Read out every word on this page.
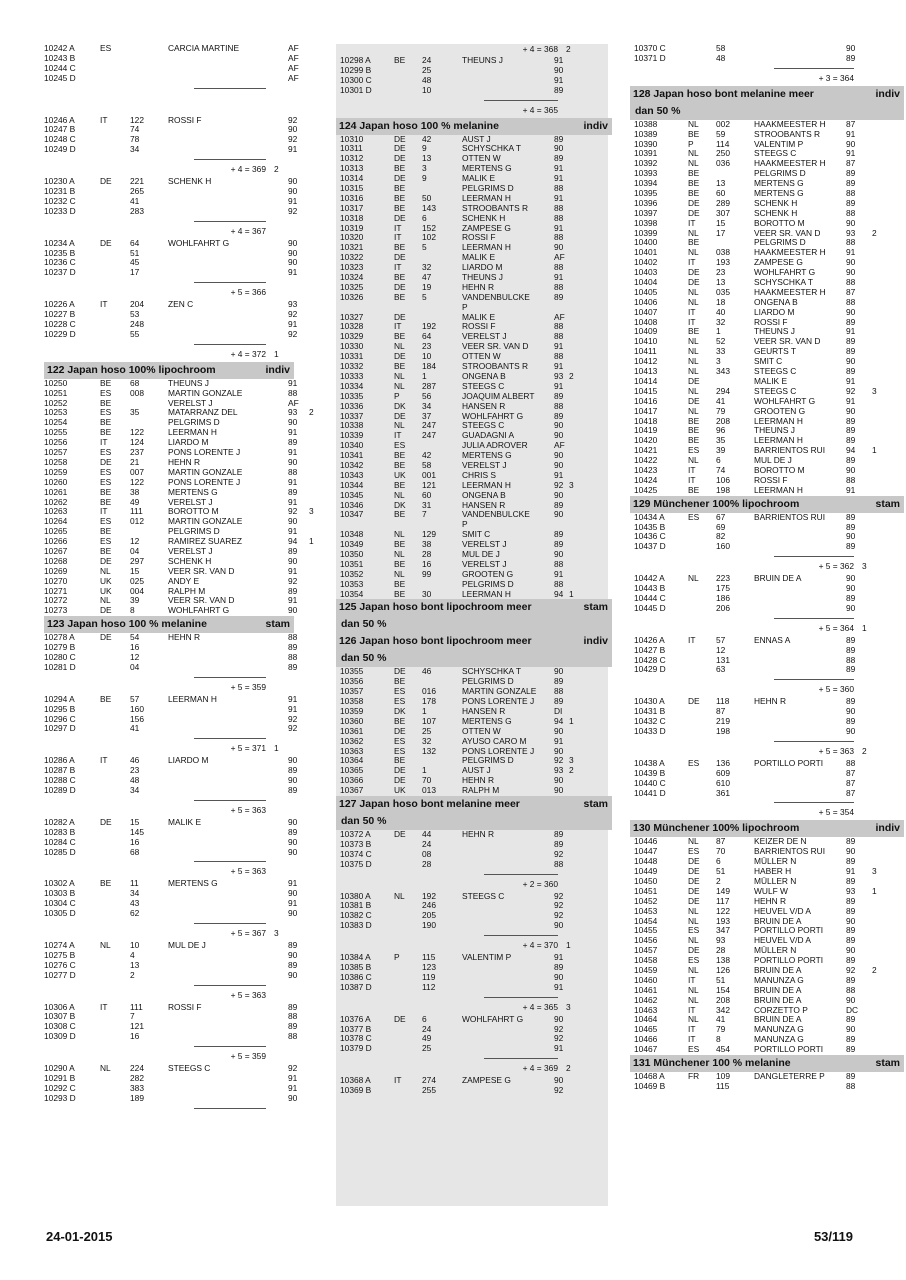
10242 A	ES	CARCIA MARTINE	AF
10243 B	AF
10244 C	AF
10245 D	AF
10246 A	IT	122	ROSSI F	92
10247 B	74	90
10248 C	78	92
10249 D	34	91
+ 4 = 369 2
10230 A	DE 221	SCHENK H	90
10231 B	265	90
10232 C	41	91
10233 D	283	92
+ 4 = 367
10234 A	DE 64	WOHLFAHRT G	90
10235 B	51	90
10236 C	45	90
10237 D	17	91
+ 5 = 366
10226 A	IT	204	ZEN C	93
10227 B	53	92
10228 C	248	91
10229 D	55	92
+ 4 = 372 1
122 Japan hoso 100% lipochroom	indiv
10250	BE 68	THEUNS J	91
10251	ES 008	MARTIN GONZALE	88
10252	BE	VERELST J	AF
10253	ES 35	MATARRANZ DEL	93 2
10254	BE	PELGRIMS D	90
10255	BE 122	LEERMAN H	91
10256	IT	124	LIARDO M	89
10257	ES 237	PONS LORENTE J	91
10258	DE 21	HEHN R	90
10259	ES 007	MARTIN GONZALE	88
10260	ES 122	PONS LORENTE J	91
10261	BE 38	MERTENS G	89
10262	BE 49	VERELST J	91
10263	IT	111	BOROTTO M	92 3
10264	ES 012	MARTIN GONZALE	90
10265	BE	PELGRIMS D	91
10266	ES 12	RAMIREZ SUAREZ	94 1
10267	BE 04	VERELST J	89
10268	DE 297	SCHENK H	90
10269	NL 15	VEER SR. VAN D	91
10270	UK 025	ANDY E	92
10271	UK 004	RALPH M	89
10272	NL 39	VEER SR. VAN D	91
10273	DE 8	WOHLFAHRT G	90
123 Japan hoso 100 % melanine	stam
10278 A	DE 54	HEHN R	88
10279 B	16	89
10280 C	12	88
10281 D	04	89
+ 5 = 359
10294 A	BE 57	LEERMAN H	91
10295 B	160	91
10296 C	156	92
10297 D	41	92
+ 5 = 371 1
10286 A	IT	46	LIARDO M	90
10287 B	23	89
10288 C	48	90
10289 D	34	89
+ 5 = 363
10282 A	DE 15	MALIK E	90
10283 B	145	89
10284 C	16	90
10285 D	68	90
+ 5 = 363
10302 A	BE 11	MERTENS G	91
10303 B	34	90
10304 C	43	91
10305 D	62	90
+ 5 = 367 3
10274 A	NL 10	MUL DE J	89
10275 B	4	90
10276 C	13	89
10277 D	2	90
+ 5 = 363
10306 A	IT	111	ROSSI F	89
10307 B	7	88
10308 C	121	89
10309 D	16	88
+ 5 = 359
10290 A	NL 224	STEEGS C	92
10291 B	282	91
10292 C	383	91
10293 D	189	90
+ 4 = 368 2
10298 A	BE 24	THEUNS J	91
10299 B	25	90
10300 C	48	91
10301 D	10	89
+ 4 = 365
124 Japan hoso 100 % melanine	indiv
10310	DE 42	AUST J	89
10311	DE 9	SCHYSCHKA T	90
10312	DE 13	OTTEN W	89
10313	BE 3	MERTENS G	91
10314	DE 9	MALIK E	91
10315	BE	PELGRIMS D	88
10316	BE 50	LEERMAN H	91
10317	BE 143	STROOBANTS R	88
10318	DE 6	SCHENK H	88
10319	IT 152	ZAMPESE G	91
10320	IT 102	ROSSI F	88
10321	BE 5	LEERMAN H	90
10322	DE	MALIK E	AF
10323	IT 32	LIARDO M	88
10324	BE 47	THEUNS J	91
10325	DE 19	HEHN R	88
10326	BE 5	VANDENBULCKE	89
P
10327	DE	MALIK E	AF
10328	IT 192	ROSSI F	88
10329	BE 64	VERELST J	88
10330	NL 23	VEER SR. VAN D	91
10331	DE 10	OTTEN W	88
10332	BE 184	STROOBANTS R	91
10333	NL 1	ONGENA B	93 2
10334	NL 287	STEEGS C	91
10335	P	56	JOAQUIM ALBERT 89
10336	DK 34	HANSEN R	88
10337	DE 37	WOHLFAHRT G	89
10338	NL 247	STEEGS C	90
10339	IT 247	GUADAGNI A	90
10340	ES	JULIA ADROVER	AF
10341	BE 42	MERTENS G	90
10342	BE 58	VERELST J	90
10343	UK 001	CHRIS S	91
10344	BE 121	LEERMAN H	92 3
10345	NL 60	ONGENA B	90
10346	DK 31	HANSEN R	89
10347	BE 7	VANDENBULCKE	90
P
10348	NL 129	SMIT C	89
10349	BE 38	VERELST J	89
10350	NL 28	MUL DE J	90
10351	BE 16	VERELST J	88
10352	NL 99	GROOTEN G	91
10353	BE	PELGRIMS D	88
10354	BE 30	LEERMAN H	94 1
125 Japan hoso bont lipochroom meer	stam
dan 50 %
126 Japan hoso bont lipochroom meer	indiv
dan 50 %
10355	DE 46	SCHYSCHKA T	90
10356	BE	PELGRIMS D	89
10357	ES 016	MARTIN GONZALE 88
10358	ES 178	PONS LORENTE J 89
10359	DK 1	HANSEN R	DI
10360	BE 107	MERTENS G	94 1
10361	DE 25	OTTEN W	90
10362	ES 32	AYUSO CARO M	91
10363	ES 132	PONS LORENTE J 90
10364	BE	PELGRIMS D	92 3
10365	DE 1	AUST J	93 2
10366	DE 70	HEHN R	90
10367	UK 013	RALPH M	90
127 Japan hoso bont melanine meer	stam
dan 50 %
10372 A	DE 44	HEHN R	89
10373 B	24	89
10374 C	08	92
10375 D	28	88
+ 2 = 360
10380 A	NL 192	STEEGS C	92
10381 B	246	92
10382 C	205	92
10383 D	190	90
+ 4 = 370 1
10384 A	P	115	VALENTIM P	91
10385 B	123	89
10386 C	119	90
10387 D	112	91
+ 4 = 365 3
10376 A	DE 6	WOHLFAHRT G	90
10377 B	24	92
10378 C	49	92
10379 D	25	91
+ 4 = 369 2
10368 A	IT 274	ZAMPESE G	90
10369 B	255	92
10370 C	58	90
10371 D	48	89
+ 3 = 364
128 Japan hoso bont melanine meer	indiv
dan 50 %
10388	NL 002	HAAKMEESTER H 87
10389	BE 59	STROOBANTS R	91
10390	P	114	VALENTIM P	90
10391	NL 250	STEEGS C	91
10392	NL 036	HAAKMEESTER H 87
10393	BE	PELGRIMS D	89
10394	BE 13	MERTENS G	89
10395	BE 60	MERTENS G	88
10396	DE 289	SCHENK H	89
10397	DE 307	SCHENK H	88
10398	IT 15	BOROTTO M	90
10399	NL 17	VEER SR. VAN D	93 2
10400	BE	PELGRIMS D	88
10401	NL 038	HAAKMEESTER H 91
10402	IT 193	ZAMPESE G	90
10403	DE 23	WOHLFAHRT G	90
10404	DE 13	SCHYSCHKA T	88
10405	NL 035	HAAKMEESTER H 87
10406	NL 18	ONGENA B	88
10407	IT 40	LIARDO M	90
10408	IT 32	ROSSI F	89
10409	BE 1	THEUNS J	91
10410	NL 52	VEER SR. VAN D	89
10411	NL 33	GEURTS T	89
10412	NL 3	SMIT C	90
10413	NL 343	STEEGS C	89
10414	DE	MALIK E	91
10415	NL 294	STEEGS C	92 3
10416	DE 41	WOHLFAHRT G	91
10417	NL 79	GROOTEN G	90
10418	BE 208	LEERMAN H	89
10419	BE 96	THEUNS J	89
10420	BE 35	LEERMAN H	89
10421	ES 39	BARRIENTOS RUI 94 1
10422	NL 6	MUL DE J	89
10423	IT 74	BOROTTO M	90
10424	IT 106	ROSSI F	88
10425	BE 198	LEERMAN H	91
129 Münchener 100% lipochroom	stam
10434 A	ES 67	BARRIENTOS RUI 89
10435 B	69	89
10436 C	82	90
10437 D	160	89
+ 5 = 362 3
10442 A	NL 223	BRUIN DE A	90
10443 B	175	90
10444 C	186	89
10445 D	206	90
+ 5 = 364 1
10426 A	IT 57	ENNAS A	89
10427 B	12	89
10428 C	131	88
10429 D	63	89
+ 5 = 360
10430 A	DE 118	HEHN R	89
10431 B	87	90
10432 C	219	89
10433 D	198	90
+ 5 = 363 2
10438 A	ES 136	PORTILLO PORTI	88
10439 B	609	87
10440 C	610	87
10441 D	361	87
+ 5 = 354
130 Münchener 100% lipochroom	indiv
10446	NL 87	KEIZER DE N	89
10447	ES 70	BARRIENTOS RUI 90
10448	DE 6	MÜLLER N	89
10449	DE 51	HABER H	91 3
10450	DE 2	MÜLLER N	89
10451	DE 149	WULF W	93 1
10452	DE 117	HEHN R	89
10453	NL 122	HEUVEL V/D A	89
10454	NL 193	BRUIN DE A	90
10455	ES 347	PORTILLO PORTI	89
10456	NL 93	HEUVEL V/D A	89
10457	DE 28	MÜLLER N	90
10458	ES 138	PORTILLO PORTI	89
10459	NL 126	BRUIN DE A	92 2
10460	IT 51	MANUNZA G	89
10461	NL 154	BRUIN DE A	88
10462	NL 208	BRUIN DE A	90
10463	IT 342	CORZETTO P	DC
10464	NL 41	BRUIN DE A	89
10465	IT 79	MANUNZA G	90
10466	IT 8	MANUNZA G	89
10467	ES 454	PORTILLO PORTI	89
131 Münchener 100 % melanine	stam
10468 A	FR 109	DANGLETERRE P	89
10469 B	115	88
24-01-2015	53/119
